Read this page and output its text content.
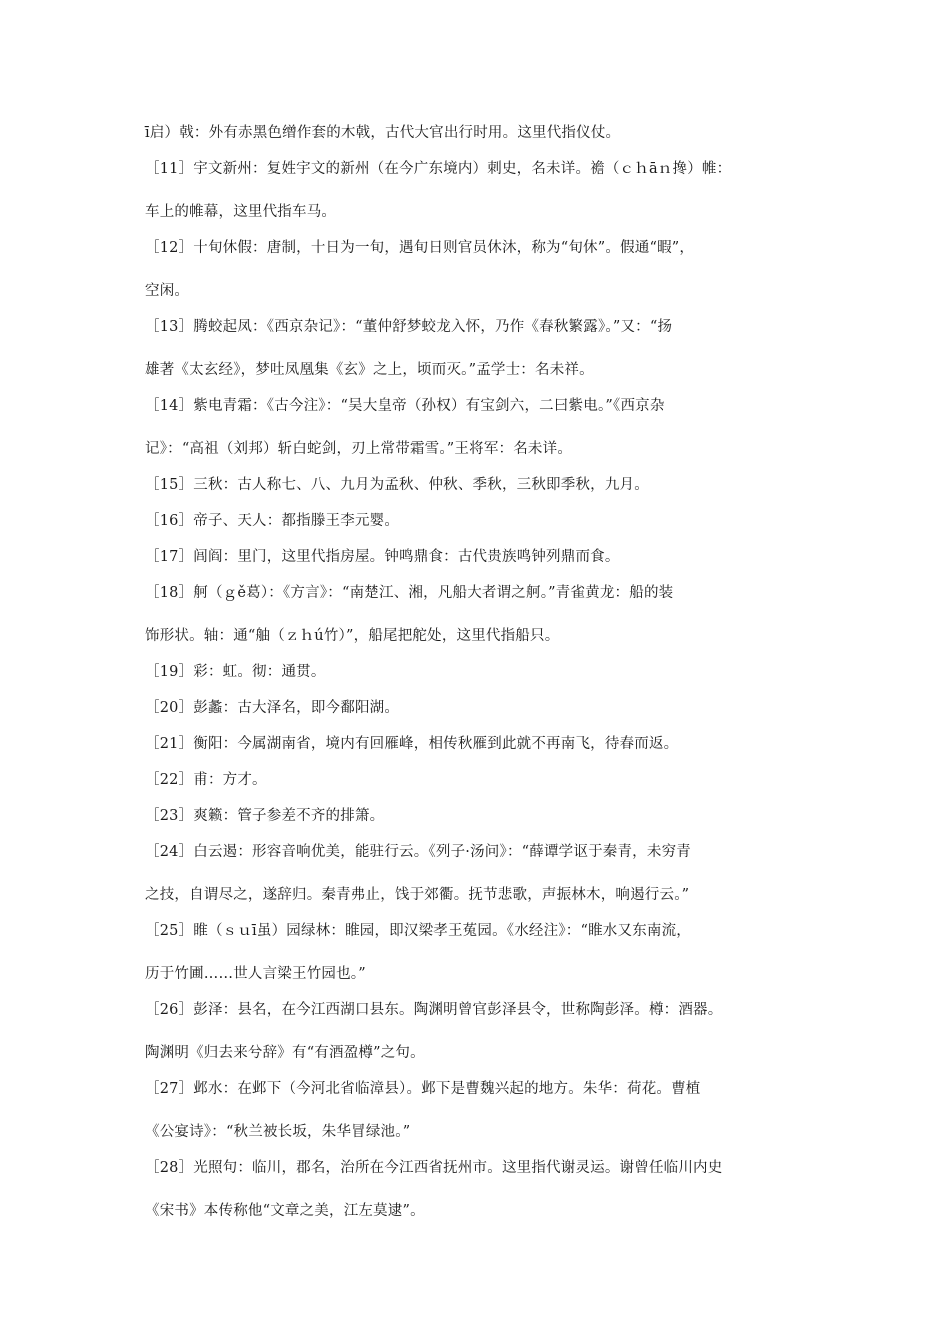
ī启）戟：外有赤黑色缯作套的木戟，古代大官出行时用。这里代指仪仗。
［11］宇文新州：复姓宇文的新州（在今广东境内）刺史，名未详。襜（ｃｈāｎ搀）帷：
车上的帷幕，这里代指车马。
［12］十旬休假：唐制，十日为一旬，遇旬日则官员休沐，称为“旬休”。假通“暇”，
空闲。
［13］腾蛟起凤：《西京杂记》：“董仲舒梦蛟龙入怀，乃作《春秋繁露》。”又：“扬
雄著《太玄经》，梦吐凤凰集《玄》之上，顷而灭。”孟学士：名未祥。
［14］紫电青霜：《古今注》：“吴大皇帝（孙权）有宝剑六，二曰紫电。”《西京杂
记》：“高祖（刘邦）斩白蛇剑，刃上常带霜雪。”王将军：名未详。
［15］三秋：古人称七、八、九月为孟秋、仲秋、季秋，三秋即季秋，九月。
［16］帝子、天人：都指滕王李元婴。
［17］闾阎：里门，这里代指房屋。钟鸣鼎食：古代贵族鸣钟列鼎而食。
［18］舸（ｇě葛）：《方言》：“南楚江、湘，凡船大者谓之舸。”青雀黄龙：船的装
饰形状。轴：通“舳（ｚｈú竹）”，船尾把舵处，这里代指船只。
［19］彩：虹。彻：通贯。
［20］彭蠡：古大泽名，即今鄱阳湖。
［21］衡阳：今属湖南省，境内有回雁峰，相传秋雁到此就不再南飞，待春而返。
［22］甫：方才。
［23］爽籁：管子参差不齐的排箫。
［24］白云遏：形容音响优美，能驻行云。《列子·汤问》：“薛谭学讴于秦青，未穷青
之技，自谓尽之，遂辞归。秦青弗止，饯于郊衢。抚节悲歌，声振林木，响遏行云。”
［25］睢（ｓｕī虽）园绿林：睢园，即汉梁孝王菟园。《水经注》：“睢水又东南流，
历于竹圃……世人言梁王竹园也。”
［26］彭泽：县名，在今江西湖口县东。陶渊明曾官彭泽县令，世称陶彭泽。樽：酒器。
陶渊明《归去来兮辞》有“有酒盈樽”之句。
［27］邺水：在邺下（今河北省临漳县）。邺下是曹魏兴起的地方。朱华：荷花。曹植
《公宴诗》：“秋兰被长坂，朱华冒绿池。”
［28］光照句：临川，郡名，治所在今江西省抚州市。这里指代谢灵运。谢曾任临川内史
《宋书》本传称他“文章之美，江左莫逮”。
